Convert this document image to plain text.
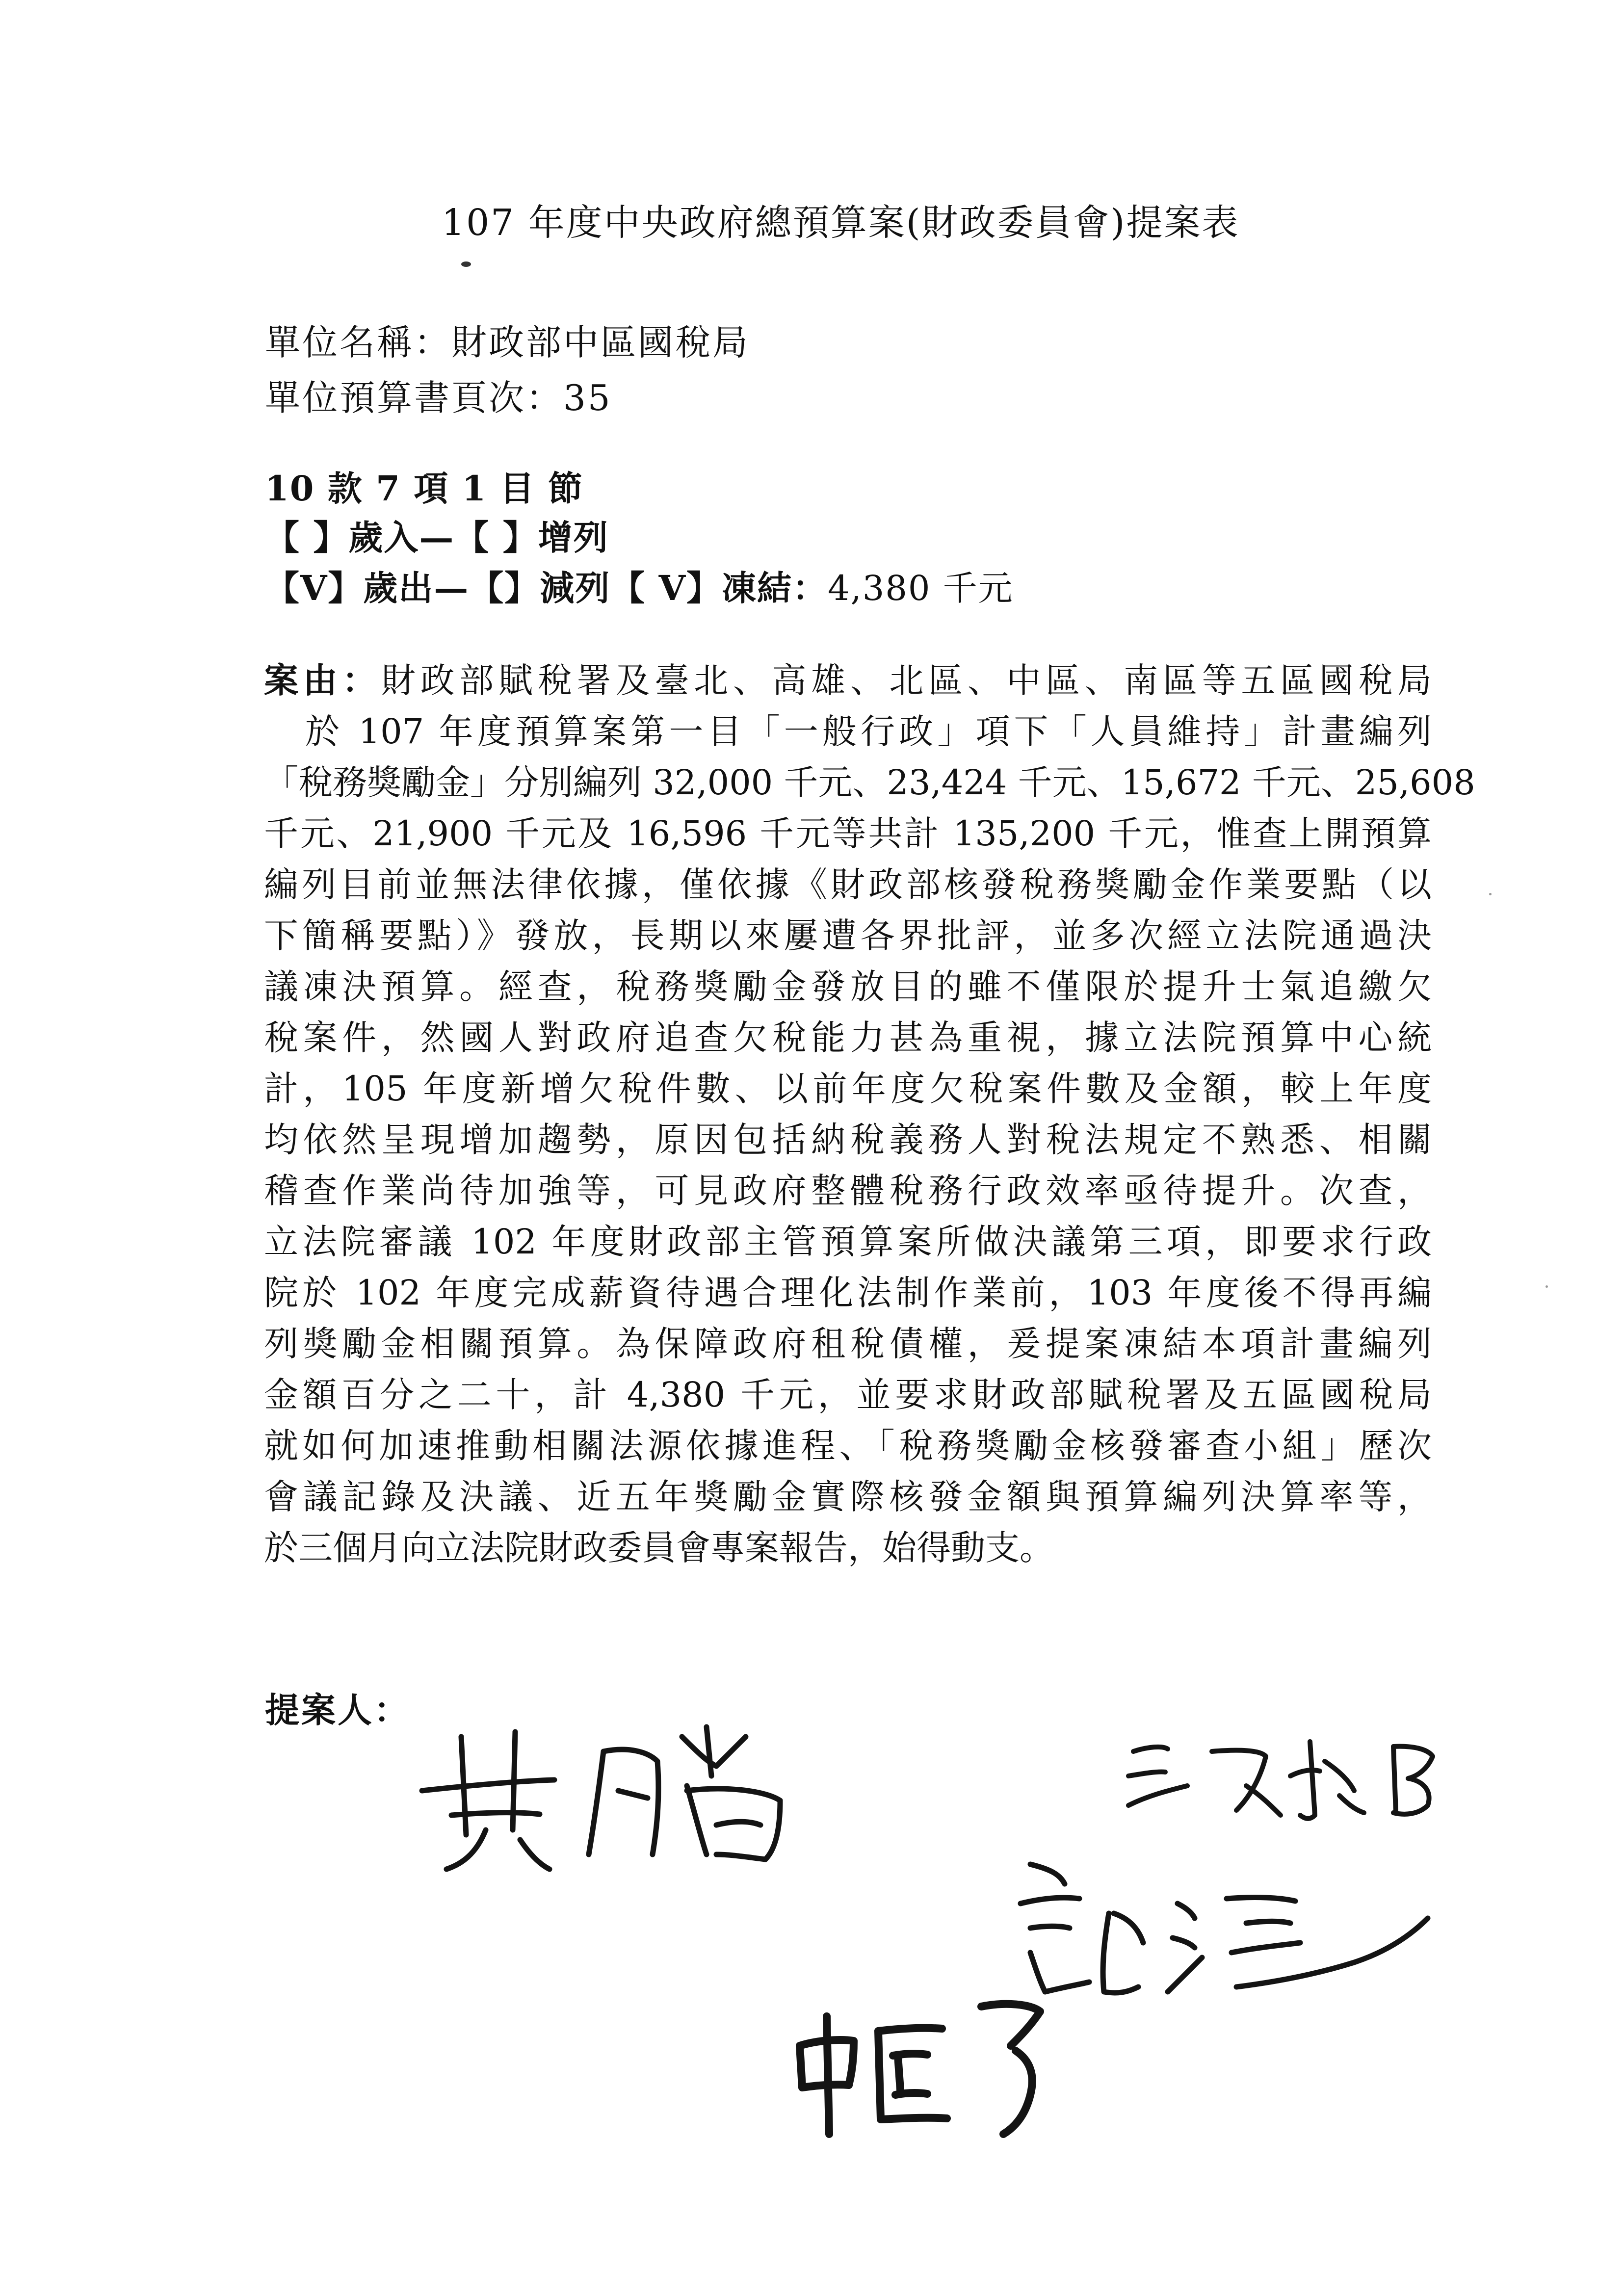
107 年度中央政府總預算案(財政委員會)提案表
單位名稱：財政部中區國稅局
單位預算書頁次：35
10 款 7 項 1 目 節
【 】歲入—【 】增列
【V】歲出—【】減列【 V】凍結：4,380 千元
案由：財政部賦稅署及臺北、高雄、北區、中區、南區等五區國稅局
於 107 年度預算案第一目「一般行政」項下「人員維持」計畫編列
「稅務獎勵金」分別編列 32,000 千元、23,424 千元、15,672 千元、25,608
千元、21,900 千元及 16,596 千元等共計 135,200 千元，惟查上開預算
編列目前並無法律依據，僅依據《財政部核發稅務獎勵金作業要點（以
下簡稱要點）》發放，長期以來屢遭各界批評，並多次經立法院通過決
議凍決預算。經查，稅務獎勵金發放目的雖不僅限於提升士氣追繳欠
稅案件，然國人對政府追查欠稅能力甚為重視，據立法院預算中心統
計，105 年度新增欠稅件數、以前年度欠稅案件數及金額，較上年度
均依然呈現增加趨勢，原因包括納稅義務人對稅法規定不熟悉、相關
稽查作業尚待加強等，可見政府整體稅務行政效率亟待提升。次查，
立法院審議 102 年度財政部主管預算案所做決議第三項，即要求行政
院於 102 年度完成薪資待遇合理化法制作業前，103 年度後不得再編
列獎勵金相關預算。為保障政府租稅債權，爰提案凍結本項計畫編列
金額百分之二十，計 4,380 千元，並要求財政部賦稅署及五區國稅局
就如何加速推動相關法源依據進程、「稅務獎勵金核發審查小組」歷次
會議記錄及決議、近五年獎勵金實際核發金額與預算編列決算率等，
於三個月向立法院財政委員會專案報告，始得動支。
提案人：
